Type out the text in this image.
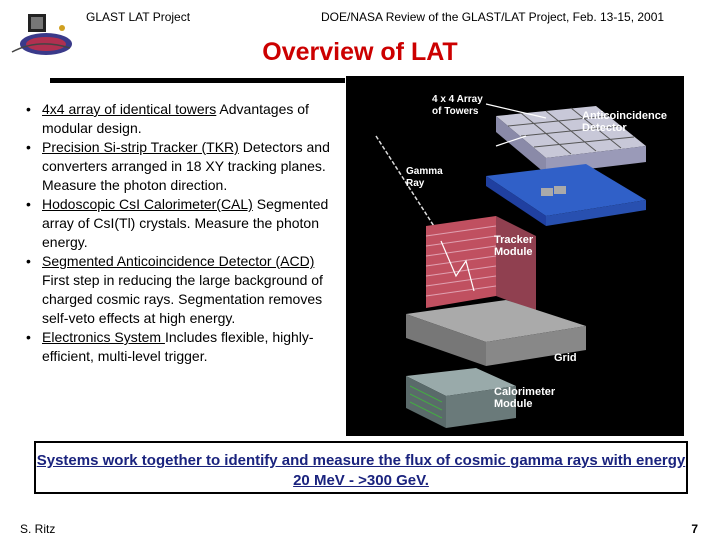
GLAST LAT Project	DOE/NASA Review of the GLAST/LAT Project, Feb. 13-15, 2001
Overview of LAT
• 4x4 array of identical towers Advantages of modular design.
• Precision Si-strip Tracker (TKR) Detectors and converters arranged in 18 XY tracking planes. Measure the photon direction.
• Hodoscopic CsI Calorimeter(CAL) Segmented array of CsI(Tl) crystals. Measure the photon energy.
• Segmented Anticoincidence Detector (ACD) First step in reducing the large background of charged cosmic rays. Segmentation removes self-veto effects at high energy.
• Electronics System Includes flexible, highly-efficient, multi-level trigger.
4 x 4 Array
of Towers	Anticoincidence
Detector
Gamma
Ray
Tracker
Module
Grid
Calorimeter
Module
Systems work together to identify and measure the flux of cosmic gamma rays with energy 20 MeV - >300 GeV.
S. Ritz	7
